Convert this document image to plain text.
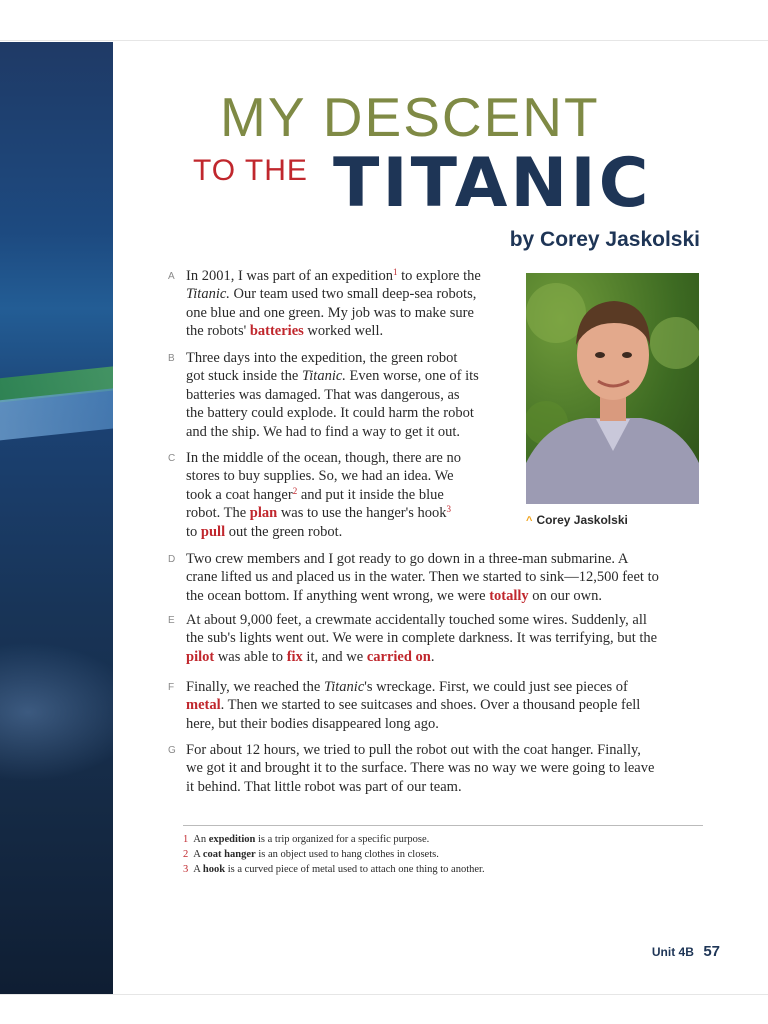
MY DESCENT
TO THE TITANIC
by Corey Jaskolski
A In 2001, I was part of an expedition$^1$ to explore the
Titanic. Our team used two small deep-sea robots,
one blue and one green. My job was to make sure
the robots' batteries worked well.
B Three days into the expedition, the green robot
got stuck inside the Titanic. Even worse, one of its
batteries was damaged. That was dangerous, as
the battery could explode. It could harm the robot
and the ship. We had to find a way to get it out.
C In the middle of the ocean, though, there are no
stores to buy supplies. So, we had an idea. We
took a coat hanger$^2$ and put it inside the blue
robot. The plan was to use the hanger's hook$^3$
to pull out the green robot.
D Two crew members and I got ready to go down in a three-man submarine. A
crane lifted us and placed us in the water. Then we started to sink—12,500 feet to
the ocean bottom. If anything went wrong, we were totally on our own.
E At about 9,000 feet, a crewmate accidentally touched some wires. Suddenly, all
the sub's lights went out. We were in complete darkness. It was terrifying, but the
pilot was able to fix it, and we carried on.
F Finally, we reached the Titanic's wreckage. First, we could just see pieces of
metal. Then we started to see suitcases and shoes. Over a thousand people fell
here, but their bodies disappeared long ago.
G For about 12 hours, we tried to pull the robot out with the coat hanger. Finally,
we got it and brought it to the surface. There was no way we were going to leave
it behind. That little robot was part of our team.
^ Corey Jaskolski
1 An expedition is a trip organized for a specific purpose.
2 A coat hanger is an object used to hang clothes in closets.
3 A hook is a curved piece of metal used to attach one thing to another.
Unit 4B 57
